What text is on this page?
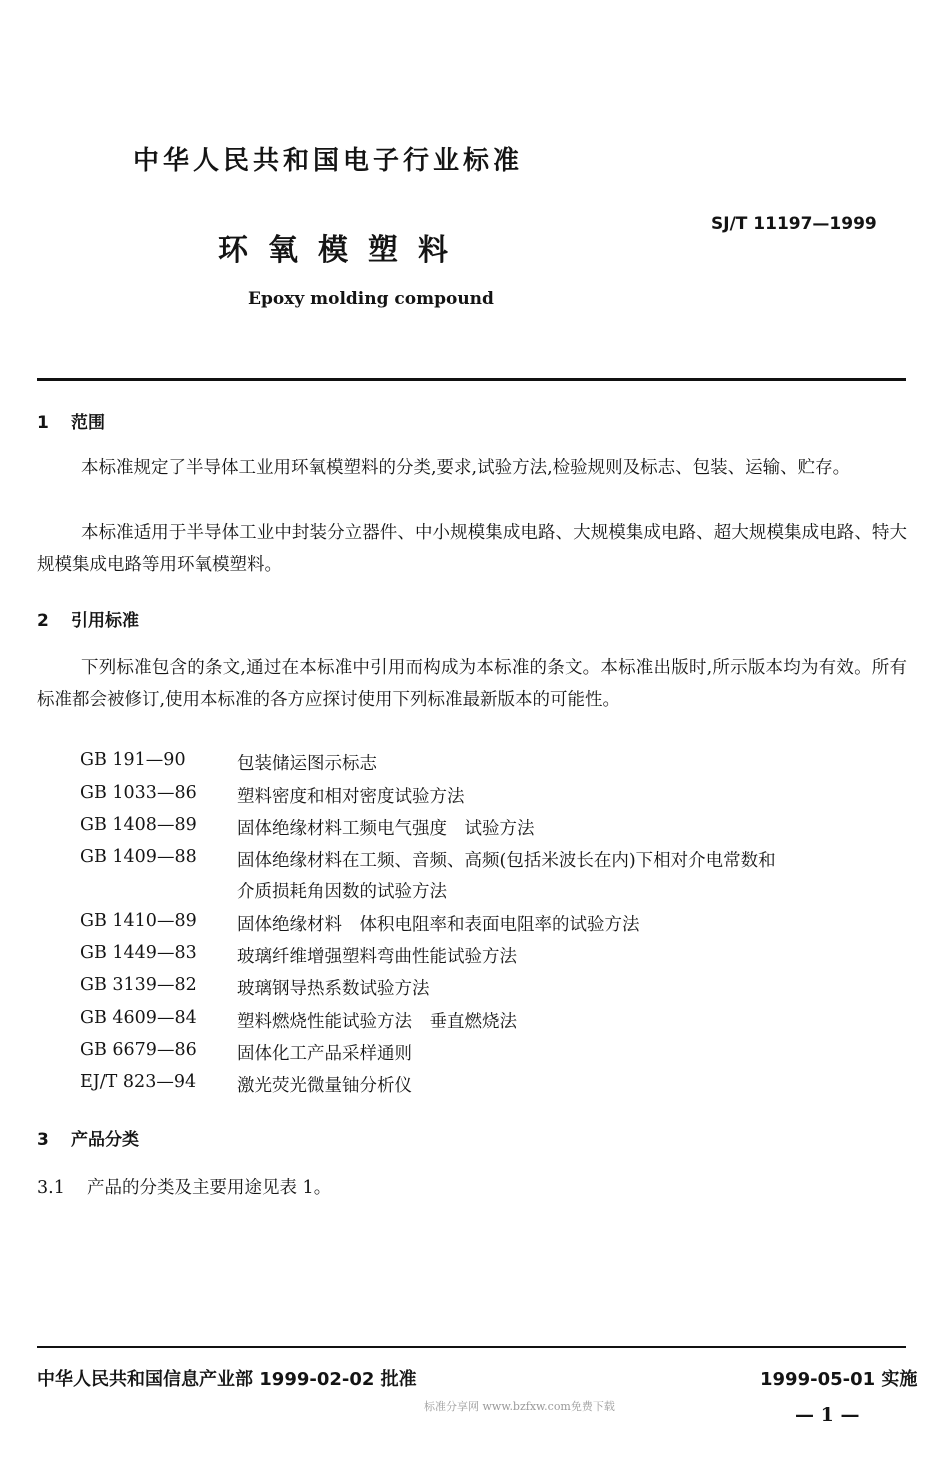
中华人民共和国电子行业标准
环氧模塑料
SJ/T 11197—1999
Epoxy molding compound
1 范围
本标准规定了半导体工业用环氧模塑料的分类,要求,试验方法,检验规则及标志、包装、运输、贮存。
本标准适用于半导体工业中封装分立器件、中小规模集成电路、大规模集成电路、超大规模集成电路、特大规模集成电路等用环氧模塑料。
2 引用标准
下列标准包含的条文,通过在本标准中引用而构成为本标准的条文。本标准出版时,所示版本均为有效。所有标准都会被修订,使用本标准的各方应探讨使用下列标准最新版本的可能性。
GB 191—90	包装储运图示标志
GB 1033—86 塑料密度和相对密度试验方法
GB 1408—89 固体绝缘材料工频电气强度　试验方法
GB 1409—88 固体绝缘材料在工频、音频、高频(包括米波长在内)下相对介电常数和
介质损耗角因数的试验方法
GB 1410—89 固体绝缘材料　体积电阻率和表面电阻率的试验方法
GB 1449—83 玻璃纤维增强塑料弯曲性能试验方法
GB 3139—82 玻璃钢导热系数试验方法
GB 4609—84 塑料燃烧性能试验方法　垂直燃烧法
GB 6679—86 固体化工产品采样通则
EJ/T 823—94 激光荧光微量铀分析仪
3 产品分类
3.1 产品的分类及主要用途见表 1。
中华人民共和国信息产业部 1999-02-02 批准	1999-05-01 实施
标准分享网 www.bzfxw.com免费下载	— 1 —
